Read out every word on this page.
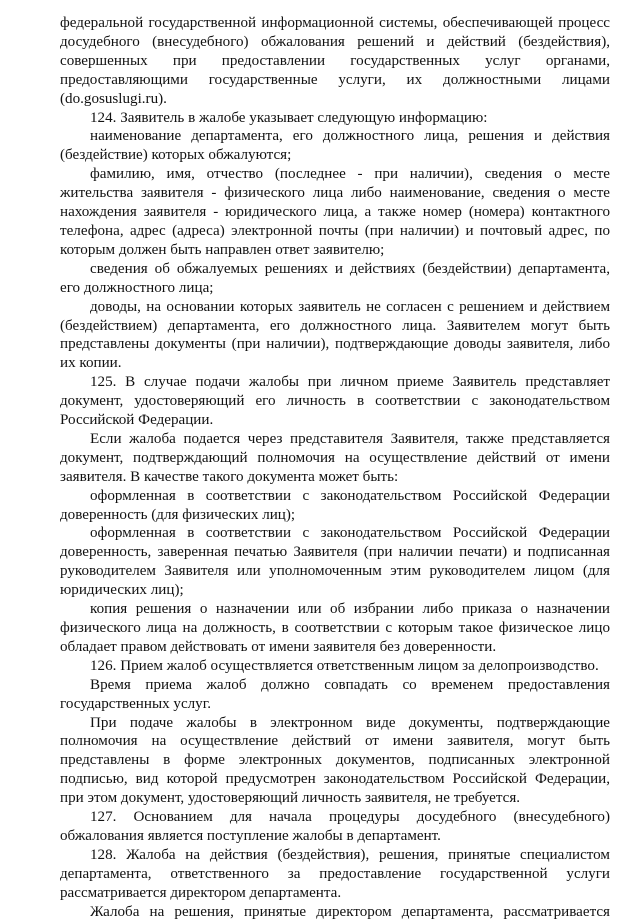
федеральной государственной информационной системы, обеспечивающей процесс досудебного (внесудебного) обжалования решений и действий (бездействия), совершенных при предоставлении государственных услуг органами, предоставляющими государственные услуги, их должностными лицами (do.gosuslugi.ru).

124. Заявитель в жалобе указывает следующую информацию:

наименование департамента, его должностного лица, решения и действия (бездействие) которых обжалуются;

фамилию, имя, отчество (последнее - при наличии), сведения о месте жительства заявителя - физического лица либо наименование, сведения о месте нахождения заявителя - юридического лица, а также номер (номера) контактного телефона, адрес (адреса) электронной почты (при наличии) и почтовый адрес, по которым должен быть направлен ответ заявителю;

сведения об обжалуемых решениях и действиях (бездействии) департамента, его должностного лица;

доводы, на основании которых заявитель не согласен с решением и действием (бездействием) департамента, его должностного лица. Заявителем могут быть представлены документы (при наличии), подтверждающие доводы заявителя, либо их копии.

125. В случае подачи жалобы при личном приеме Заявитель представляет документ, удостоверяющий его личность в соответствии с законодательством Российской Федерации.

Если жалоба подается через представителя Заявителя, также представляется документ, подтверждающий полномочия на осуществление действий от имени заявителя. В качестве такого документа может быть:

оформленная в соответствии с законодательством Российской Федерации доверенность (для физических лиц);

оформленная в соответствии с законодательством Российской Федерации доверенность, заверенная печатью Заявителя (при наличии печати) и подписанная руководителем Заявителя или уполномоченным этим руководителем лицом (для юридических лиц);

копия решения о назначении или об избрании либо приказа о назначении физического лица на должность, в соответствии с которым такое физическое лицо обладает правом действовать от имени заявителя без доверенности.

126. Прием жалоб осуществляется ответственным лицом за делопроизводство.

Время приема жалоб должно совпадать со временем предоставления государственных услуг.

При подаче жалобы в электронном виде документы, подтверждающие полномочия на осуществление действий от имени заявителя, могут быть представлены в форме электронных документов, подписанных электронной подписью, вид которой предусмотрен законодательством Российской Федерации, при этом документ, удостоверяющий личность заявителя, не требуется.

127. Основанием для начала процедуры досудебного (внесудебного) обжалования является поступление жалобы в департамент.

128. Жалоба на действия (бездействия), решения, принятые специалистом департамента, ответственного за предоставление государственной услуги рассматривается директором департамента.

Жалоба на решения, принятые директором департамента, рассматривается
